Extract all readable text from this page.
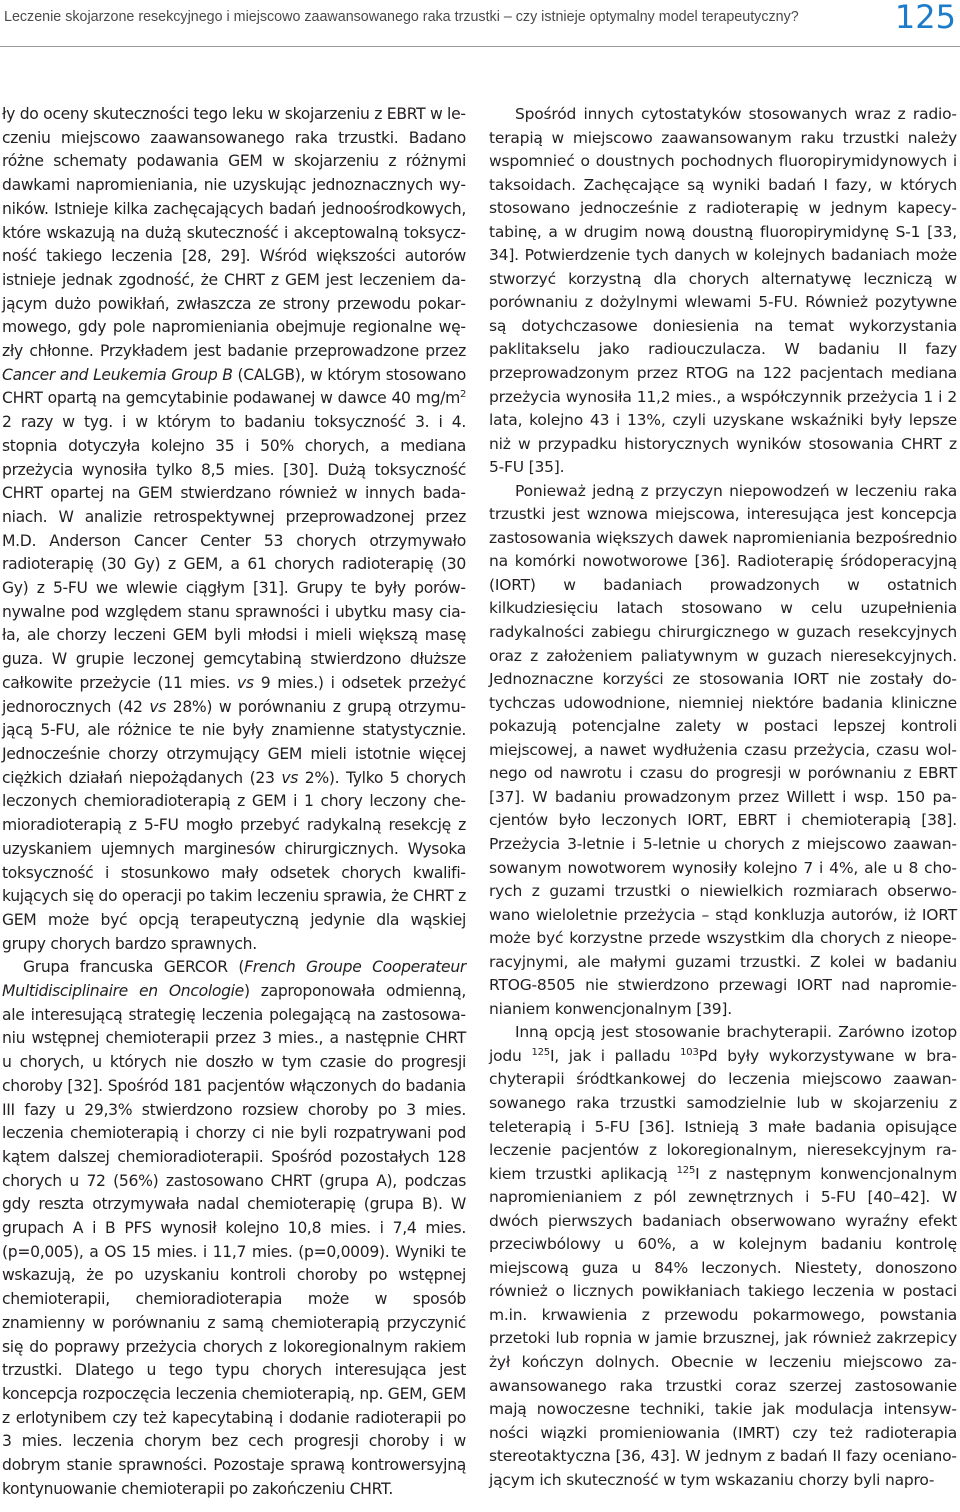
Leczenie skojarzone resekcyjnego i miejscowo zaawansowanego raka trzustki – czy istnieje optymalny model terapeutyczny?	125

ły do oceny skuteczności tego leku w skojarzeniu z EBRT w leczeniu miejscowo zaawansowanego raka trzustki. Badano różne schematy podawania GEM w skojarzeniu z różnymi dawkami napromieniania, nie uzyskując jednoznacznych wyników. Istnieje kilka zachęcających badań jednoośrodkowych, które wskazują na dużą skuteczność i akceptowalną toksyczność takiego leczenia [28, 29]. Wśród większości autorów istnieje jednak zgodność, że CHRT z GEM jest leczeniem dającym dużo powikłań, zwłaszcza ze strony przewodu pokarmowego, gdy pole napromieniania obejmuje regionalne węzły chłonne. Przykładem jest badanie przeprowadzone przez Cancer and Leukemia Group B (CALGB), w którym stosowano CHRT opartą na gemcytabinie podawanej w dawce 40 $mg/m^2$ 2 razy w tyg. i w którym to badaniu toksyczność 3. i 4. stopnia dotyczyła kolejno 35 i 50% chorych, a mediana przeżycia wynosiła tylko 8,5 mies. [30]. Dużą toksyczność CHRT opartej na GEM stwierdzano również w innych badaniach. W analizie retrospektywnej przeprowadzonej przez M.D. Anderson Cancer Center 53 chorych otrzymywało radioterapię (30 Gy) z GEM, a 61 chorych radioterapię (30 Gy) z 5-FU we wlewie ciągłym [31]. Grupy te były porównywalne pod względem stanu sprawności i ubytku masy ciała, ale chorzy leczeni GEM byli młodsi i mieli większą masę guza. W grupie leczonej gemcytabiną stwierdzono dłuższe całkowite przeżycie (11 mies. vs 9 mies.) i odsetek przeżyć jednorocznych (42 vs 28%) w porównaniu z grupą otrzymującą 5-FU, ale różnice te nie były znamienne statystycznie. Jednocześnie chorzy otrzymujący GEM mieli istotnie więcej ciężkich działań niepożądanych (23 vs 2%). Tylko 5 chorych leczonych chemioradioterapią z GEM i 1 chory leczony chemioradioterapią z 5-FU mogło przebyć radykalną resekcję z uzyskaniem ujemnych marginesów chirurgicznych. Wysoka toksyczność i stosunkowo mały odsetek chorych kwalifikujących się do operacji po takim leczeniu sprawia, że CHRT z GEM może być opcją terapeutyczną jedynie dla wąskiej grupy chorych bardzo sprawnych.

Grupa francuska GERCOR (French Groupe Cooperateur Multidisciplinaire en Oncologie) zaproponowała odmienną, ale interesującą strategię leczenia polegającą na zastosowaniu wstępnej chemioterapii przez 3 mies., a następnie CHRT u chorych, u których nie doszło w tym czasie do progresji choroby [32]. Spośród 181 pacjentów włączonych do badania III fazy u 29,3% stwierdzono rozsiew choroby po 3 mies. leczenia chemioterapią i chorzy ci nie byli rozpatrywani pod kątem dalszej chemioradioterapii. Spośród pozostałych 128 chorych u 72 (56%) zastosowano CHRT (grupa A), podczas gdy reszta otrzymywała nadal chemioterapię (grupa B). W grupach A i B PFS wynosił kolejno 10,8 mies. i 7,4 mies. (p=0,005), a OS 15 mies. i 11,7 mies. (p=0,0009). Wyniki te wskazują, że po uzyskaniu kontroli choroby po wstępnej chemioterapii, chemioradioterapia może w sposób znamienny w porównaniu z samą chemioterapią przyczynić się do poprawy przeżycia chorych z lokoregionalnym rakiem trzustki. Dlatego u tego typu chorych interesująca jest koncepcja rozpoczęcia leczenia chemioterapią, np. GEM, GEM z erlotynibem czy też kapecytabiną i dodanie radioterapii po 3 mies. leczenia chorym bez cech progresji choroby i w dobrym stanie sprawności. Pozostaje sprawą kontrowersyjną kontynuowanie chemioterapii po zakończeniu CHRT.

Spośród innych cytostatyków stosowanych wraz z radioterapią w miejscowo zaawansowanym raku trzustki należy wspomnieć o doustnych pochodnych fluoropirymidynowych i taksoidach. Zachęcające są wyniki badań I fazy, w których stosowano jednocześnie z radioterapię w jednym kapecytabinę, a w drugim nową doustną fluoropirymidynę S-1 [33, 34]. Potwierdzenie tych danych w kolejnych badaniach może stworzyć korzystną dla chorych alternatywę leczniczą w porównaniu z dożylnymi wlewami 5-FU. Również pozytywne są dotychczasowe doniesienia na temat wykorzystania paklitakselu jako radiouczulacza. W badaniu II fazy przeprowadzonym przez RTOG na 122 pacjentach mediana przeżycia wynosiła 11,2 mies., a współczynnik przeżycia 1 i 2 lata, kolejno 43 i 13%, czyli uzyskane wskaźniki były lepsze niż w przypadku historycznych wyników stosowania CHRT z 5-FU [35].

Ponieważ jedną z przyczyn niepowodzeń w leczeniu raka trzustki jest wznowa miejscowa, interesująca jest koncepcja zastosowania większych dawek napromieniania bezpośrednio na komórki nowotworowe [36]. Radioterapię śródoperacyjną (IORT) w badaniach prowadzonych w ostatnich kilkudziesięciu latach stosowano w celu uzupełnienia radykalności zabiegu chirurgicznego w guzach resekcyjnych oraz z założeniem paliatywnym w guzach nieresekcyjnych. Jednoznaczne korzyści ze stosowania IORT nie zostały dotychczas udowodnione, niemniej niektóre badania kliniczne pokazują potencjalne zalety w postaci lepszej kontroli miejscowej, a nawet wydłużenia czasu przeżycia, czasu wolnego od nawrotu i czasu do progresji w porównaniu z EBRT [37]. W badaniu prowadzonym przez Willett i wsp. 150 pacjentów było leczonych IORT, EBRT i chemioterapią [38]. Przeżycia 3-letnie i 5-letnie u chorych z miejscowo zaawansowanym nowotworem wynosiły kolejno 7 i 4%, ale u 8 chorych z guzami trzustki o niewielkich rozmiarach obserwowano wieloletnie przeżycia – stąd konkluzja autorów, iż IORT może być korzystne przede wszystkim dla chorych z nieoperacyjnymi, ale małymi guzami trzustki. Z kolei w badaniu RTOG-8505 nie stwierdzono przewagi IORT nad napromienianiem konwencjonalnym [39].

Inną opcją jest stosowanie brachyterapii. Zarówno izotop jodu $^{125}$I, jak i palladu $^{103}$Pd były wykorzystywane w brachyterapii śródtkankowej do leczenia miejscowo zaawansowanego raka trzustki samodzielnie lub w skojarzeniu z teleterapią i 5-FU [36]. Istnieją 3 małe badania opisujące leczenie pacjentów z lokoregionalnym, nieresekcyjnym rakiem trzustki aplikacją $^{125}$I z następnym konwencjonalnym napromienianiem z pól zewnętrznych i 5-FU [40–42]. W dwóch pierwszych badaniach obserwowano wyraźny efekt przeciwbólowy u 60%, a w kolejnym badaniu kontrolę miejscową guza u 84% leczonych. Niestety, donoszono również o licznych powikłaniach takiego leczenia w postaci m.in. krwawienia z przewodu pokarmowego, powstania przetoki lub ropnia w jamie brzusznej, jak również zakrzepicy żył kończyn dolnych. Obecnie w leczeniu miejscowo zaawansowanego raka trzustki coraz szerzej zastosowanie mają nowoczesne techniki, takie jak modulacja intensywności wiązki promieniowania (IMRT) czy też radioterapia stereotaktyczna [36, 43]. W jednym z badań II fazy oceniano jącym ich skuteczność w tym wskazaniu chorzy byli napro-
